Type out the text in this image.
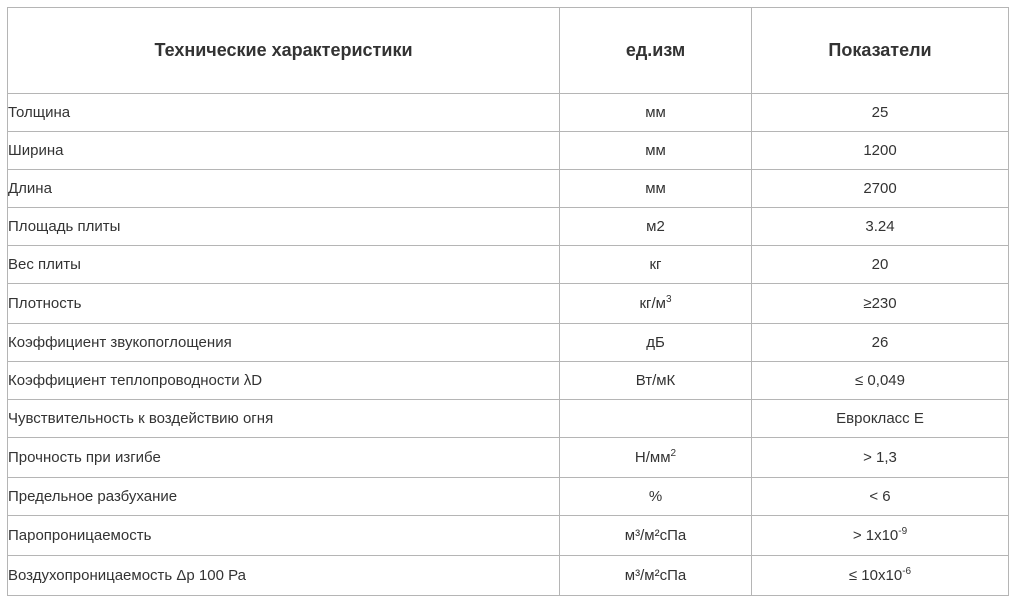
Технические характеристики	ед.изм	Показатели
Толщина	мм	25
Ширина	мм	1200
Длина	мм	2700
Площадь плиты	м2	3.24
Вес плиты	кг	20
Плотность	$кг/м^3$	≥230
Коэффициент звукопоглощения	дБ	26
Коэффициент теплопроводности λD	Вт/мК	≤ 0,049
Чувствительность к воздействию огня		Еврокласс Е
Прочность при изгибе	$Н/мм^2$	> 1,3
Предельное разбухание	%	< 6
Паропроницаемость	м³/м²сПа	> $1x10^{-9}$
Воздухопроницаемость Δр 100 Ра	м³/м²сПа	≤ $10x10^{-6}$
